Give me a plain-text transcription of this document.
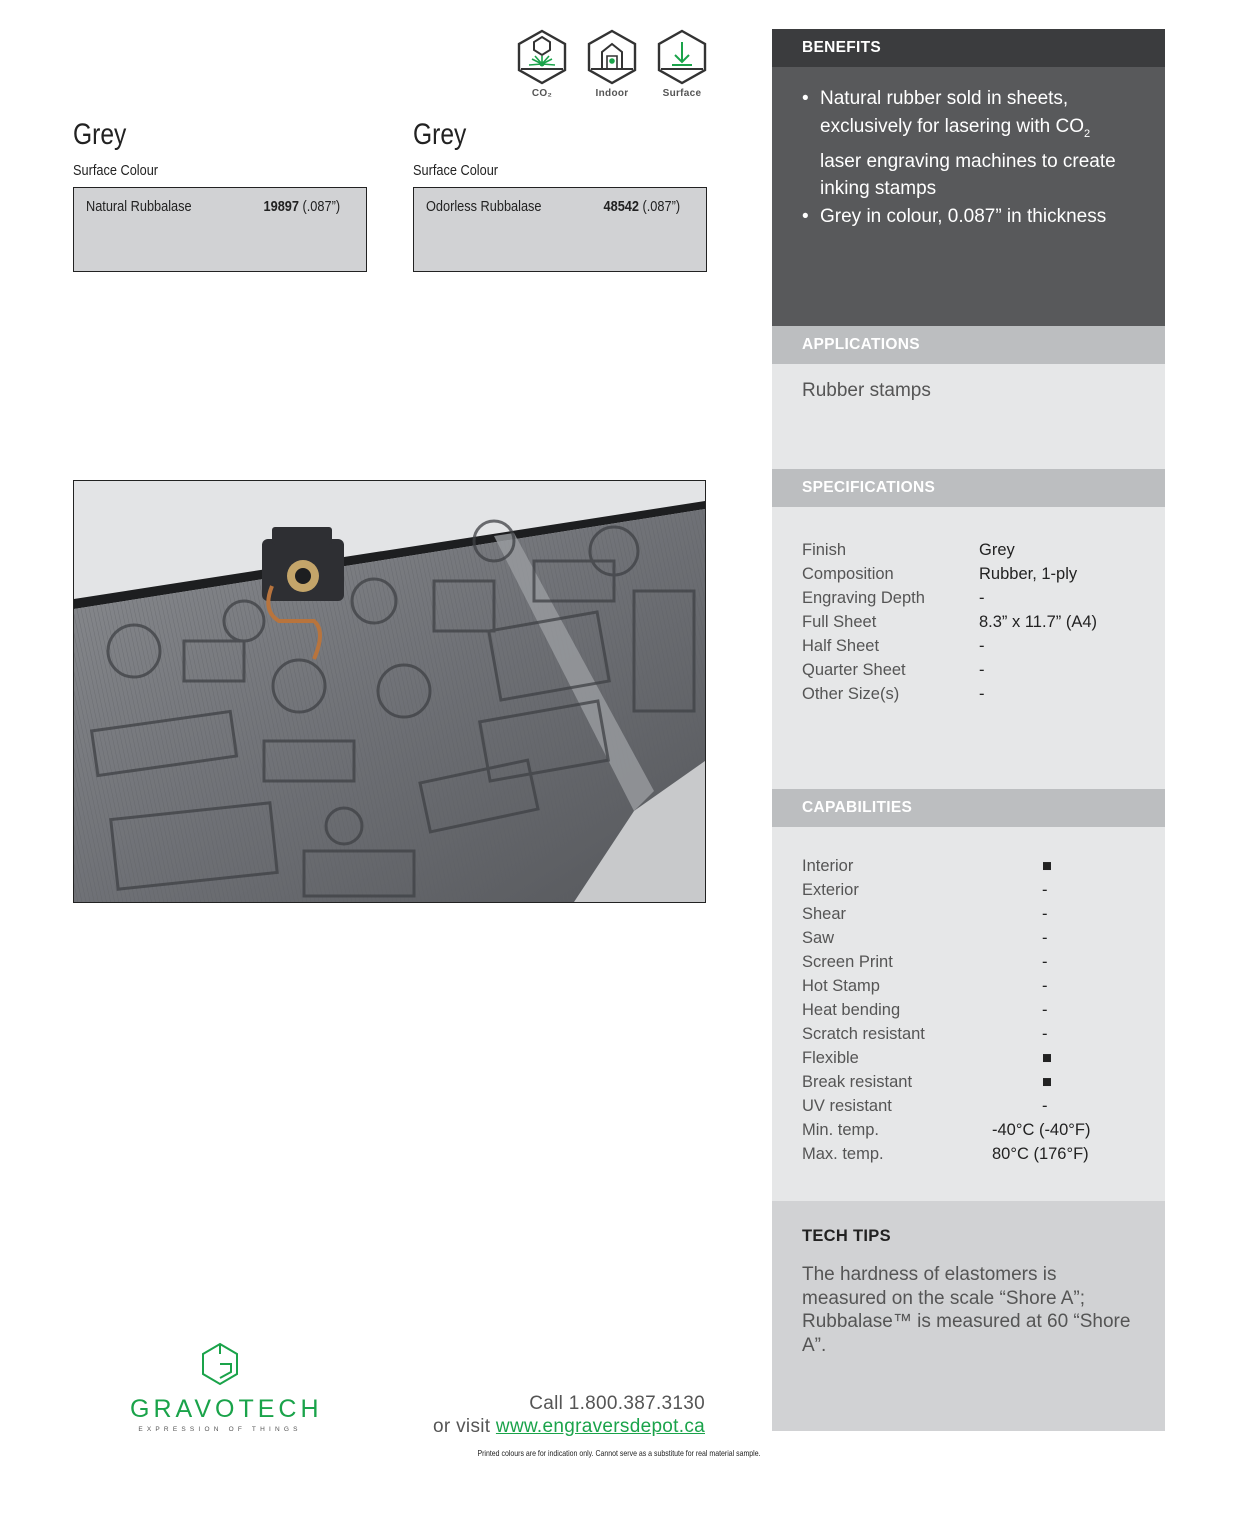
CO₂	Indoor	Surface
Grey
Surface Colour
Natural Rubbalase	19897 (.087”)
Grey
Surface Colour
Odorless Rubbalase	48542 (.087”)
BENEFITS
• Natural rubber sold in sheets, exclusively for lasering with $CO_2$ laser engraving machines to create inking stamps
• Grey in colour, 0.087” in thickness
APPLICATIONS
Rubber stamps
SPECIFICATIONS
Finish	Grey
Composition	Rubber, 1-ply
Engraving Depth	-
Full Sheet	8.3” x 11.7” (A4)
Half Sheet	-
Quarter Sheet	-
Other Size(s)	-
CAPABILITIES
Interior	■
Exterior	-
Shear	-
Saw	-
Screen Print	-
Hot Stamp	-
Heat bending	-
Scratch resistant	-
Flexible	■
Break resistant	■
UV resistant	-
Min. temp.	-40°C (-40°F)
Max. temp.	80°C (176°F)
TECH TIPS
The hardness of elastomers is measured on the scale “Shore A”; Rubbalase™ is measured at 60 “Shore A”.
GRAVOTECH
EXPRESSION OF THINGS
Call 1.800.387.3130
or visit www.engraversdepot.ca
Printed colours are for indication only. Cannot serve as a substitute for real material sample.
